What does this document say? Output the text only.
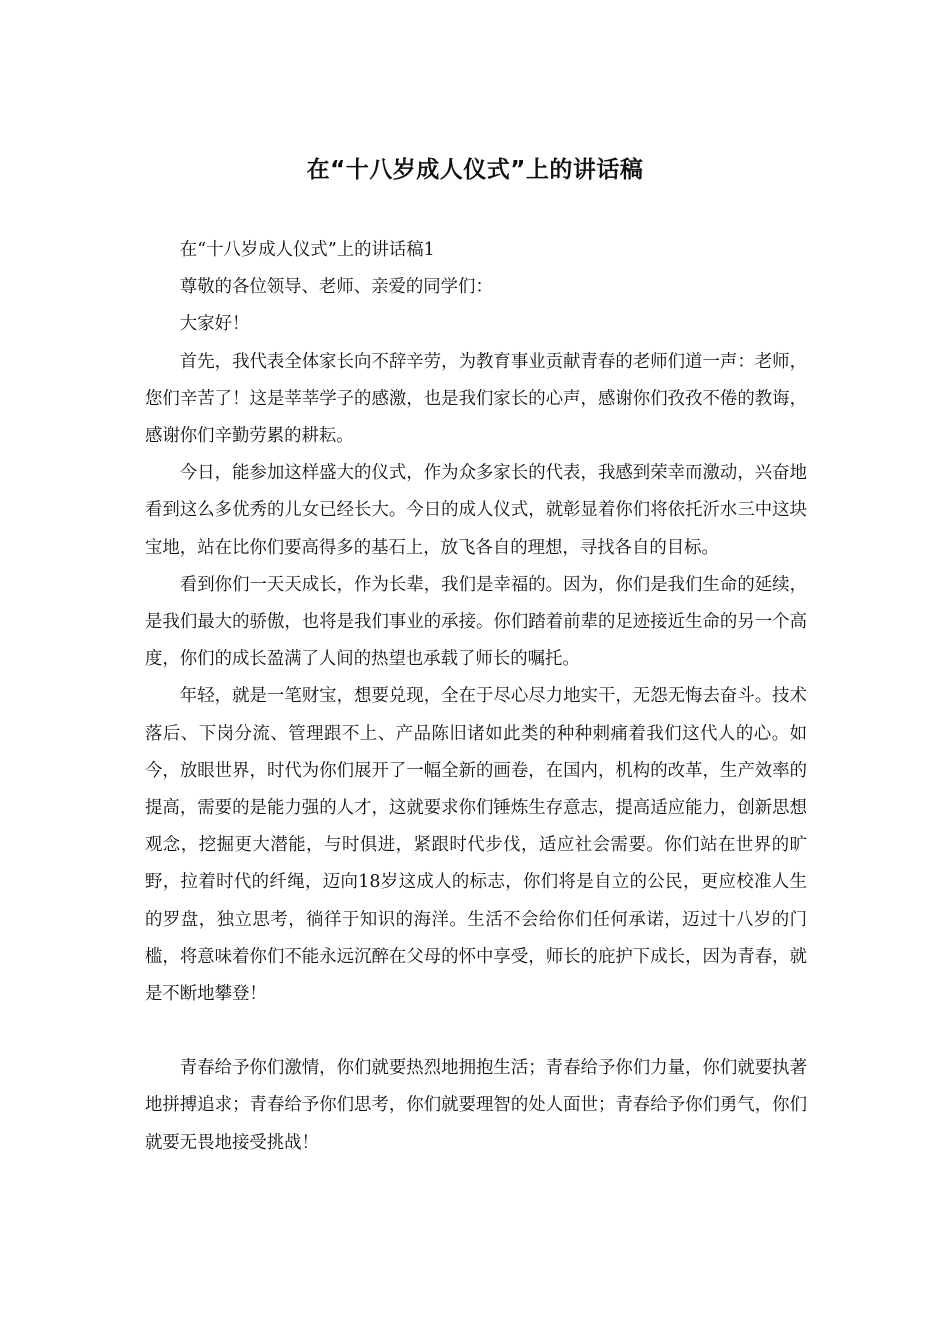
在“十八岁成人仪式”上的讲话稿

在“十八岁成人仪式”上的讲话稿1

尊敬的各位领导、老师、亲爱的同学们：

大家好！

首先，我代表全体家长向不辞辛劳，为教育事业贡献青春的老师们道一声：老师，您们辛苦了！这是莘莘学子的感激，也是我们家长的心声，感谢你们孜孜不倦的教诲，感谢你们辛勤劳累的耕耘。

今日，能参加这样盛大的仪式，作为众多家长的代表，我感到荣幸而激动，兴奋地看到这么多优秀的儿女已经长大。今日的成人仪式，就彰显着你们将依托沂水三中这块宝地，站在比你们要高得多的基石上，放飞各自的理想，寻找各自的目标。

看到你们一天天成长，作为长辈，我们是幸福的。因为，你们是我们生命的延续，是我们最大的骄傲，也将是我们事业的承接。你们踏着前辈的足迹接近生命的另一个高度，你们的成长盈满了人间的热望也承载了师长的嘱托。

年轻，就是一笔财宝，想要兑现，全在于尽心尽力地实干，无怨无悔去奋斗。技术落后、下岗分流、管理跟不上、产品陈旧诸如此类的种种刺痛着我们这代人的心。如今，放眼世界，时代为你们展开了一幅全新的画卷，在国内，机构的改革，生产效率的提高，需要的是能力强的人才，这就要求你们锤炼生存意志，提高适应能力，创新思想观念，挖掘更大潜能，与时俱进，紧跟时代步伐，适应社会需要。你们站在世界的旷野，拉着时代的纤绳，迈向18岁这成人的标志，你们将是自立的公民，更应校准人生的罗盘，独立思考，徜徉于知识的海洋。生活不会给你们任何承诺，迈过十八岁的门槛，将意味着你们不能永远沉醉在父母的怀中享受，师长的庇护下成长，因为青春，就是不断地攀登！

青春给予你们激情，你们就要热烈地拥抱生活；青春给予你们力量，你们就要执著地拼搏追求；青春给予你们思考，你们就要理智的处人面世；青春给予你们勇气，你们就要无畏地接受挑战！
